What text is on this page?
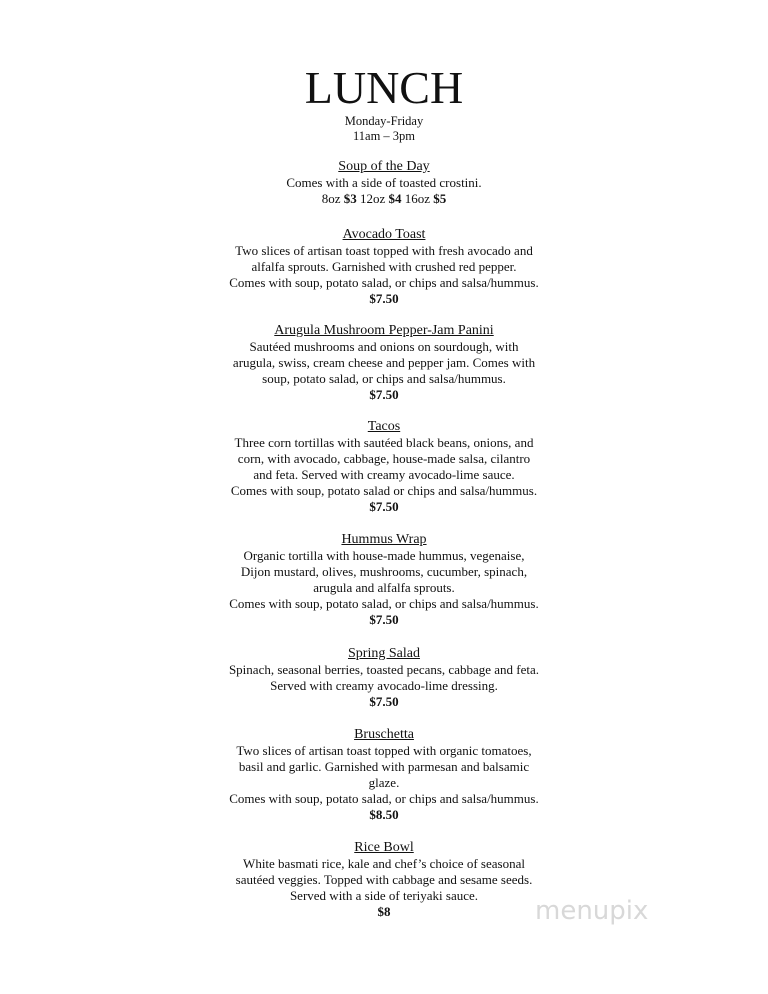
LUNCH
Monday-Friday
11am – 3pm
Soup of the Day
Comes with a side of toasted crostini.
8oz $3 12oz $4 16oz $5
Avocado Toast
Two slices of artisan toast topped with fresh avocado and
alfalfa sprouts. Garnished with crushed red pepper.
Comes with soup, potato salad, or chips and salsa/hummus.
$7.50
Arugula Mushroom Pepper-Jam Panini
Sautéed mushrooms and onions on sourdough, with
arugula, swiss, cream cheese and pepper jam. Comes with
soup, potato salad, or chips and salsa/hummus.
$7.50
Tacos
Three corn tortillas with sautéed black beans, onions, and
corn, with avocado, cabbage, house-made salsa, cilantro
and feta. Served with creamy avocado-lime sauce.
Comes with soup, potato salad or chips and salsa/hummus.
$7.50
Hummus Wrap
Organic tortilla with house-made hummus, vegenaise,
Dijon mustard, olives, mushrooms, cucumber, spinach,
arugula and alfalfa sprouts.
Comes with soup, potato salad, or chips and salsa/hummus.
$7.50
Spring Salad
Spinach, seasonal berries, toasted pecans, cabbage and feta.
Served with creamy avocado-lime dressing.
$7.50
Bruschetta
Two slices of artisan toast topped with organic tomatoes,
basil and garlic. Garnished with parmesan and balsamic
glaze.
Comes with soup, potato salad, or chips and salsa/hummus.
$8.50
Rice Bowl
White basmati rice, kale and chef’s choice of seasonal
sautéed veggies. Topped with cabbage and sesame seeds.
Served with a side of teriyaki sauce.
$8	menupix
